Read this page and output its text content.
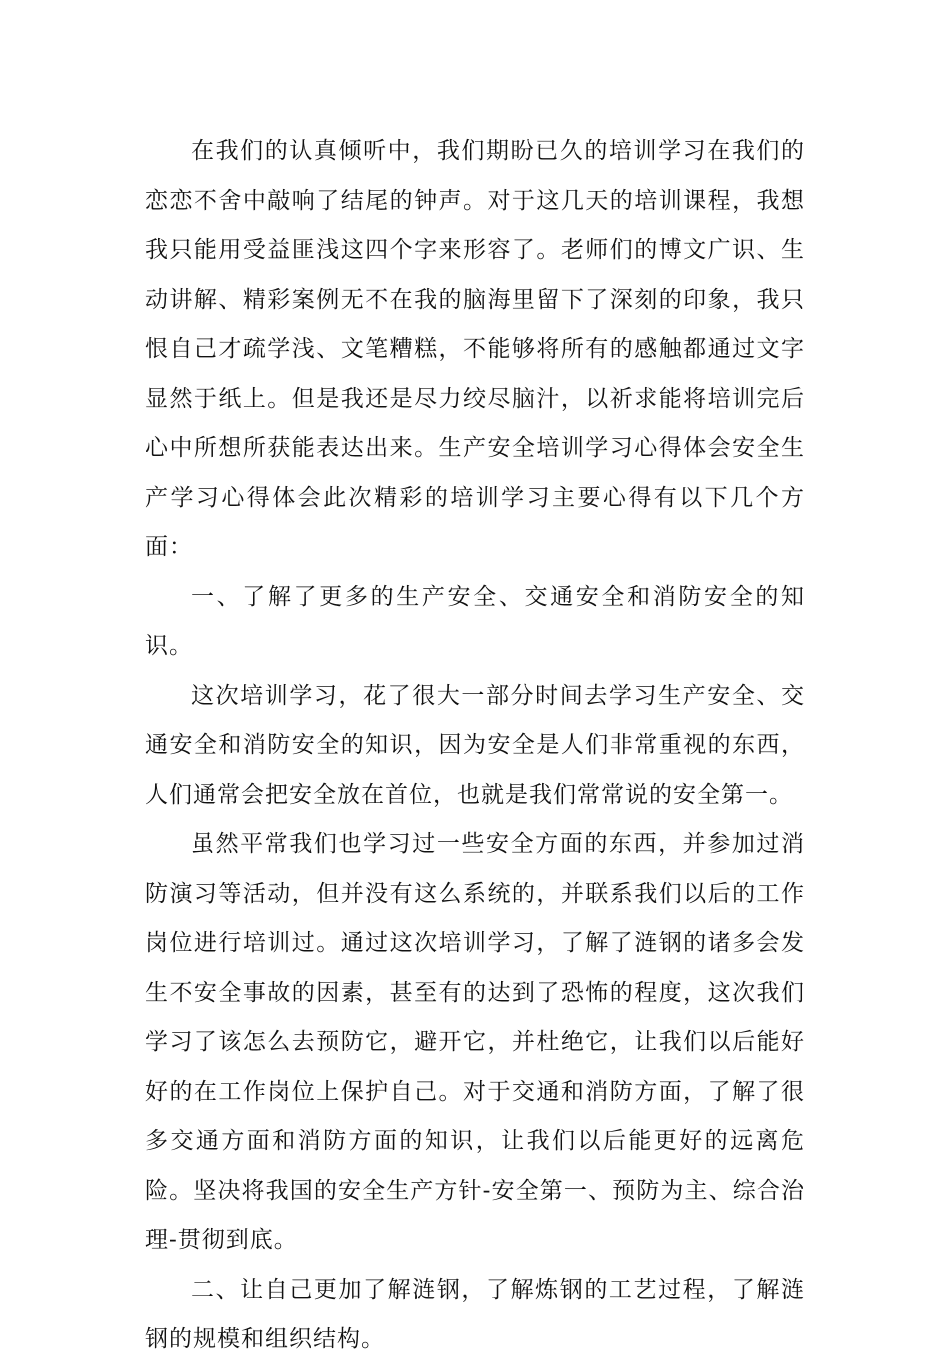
在我们的认真倾听中，我们期盼已久的培训学习在我们的恋恋不舍中敲响了结尾的钟声。对于这几天的培训课程，我想我只能用受益匪浅这四个字来形容了。老师们的博文广识、生动讲解、精彩案例无不在我的脑海里留下了深刻的印象，我只恨自己才疏学浅、文笔糟糕，不能够将所有的感触都通过文字显然于纸上。但是我还是尽力绞尽脑汁，以祈求能将培训完后心中所想所获能表达出来。生产安全培训学习心得体会安全生产学习心得体会此次精彩的培训学习主要心得有以下几个方面：

一、了解了更多的生产安全、交通安全和消防安全的知识。

这次培训学习，花了很大一部分时间去学习生产安全、交通安全和消防安全的知识，因为安全是人们非常重视的东西，人们通常会把安全放在首位，也就是我们常常说的安全第一。

虽然平常我们也学习过一些安全方面的东西，并参加过消防演习等活动，但并没有这么系统的，并联系我们以后的工作岗位进行培训过。通过这次培训学习，了解了涟钢的诸多会发生不安全事故的因素，甚至有的达到了恐怖的程度，这次我们学习了该怎么去预防它，避开它，并杜绝它，让我们以后能好好的在工作岗位上保护自己。对于交通和消防方面，了解了很多交通方面和消防方面的知识，让我们以后能更好的远离危险。坚决将我国的安全生产方针-安全第一、预防为主、综合治理-贯彻到底。

二、让自己更加了解涟钢，了解炼钢的工艺过程，了解涟钢的规模和组织结构。
